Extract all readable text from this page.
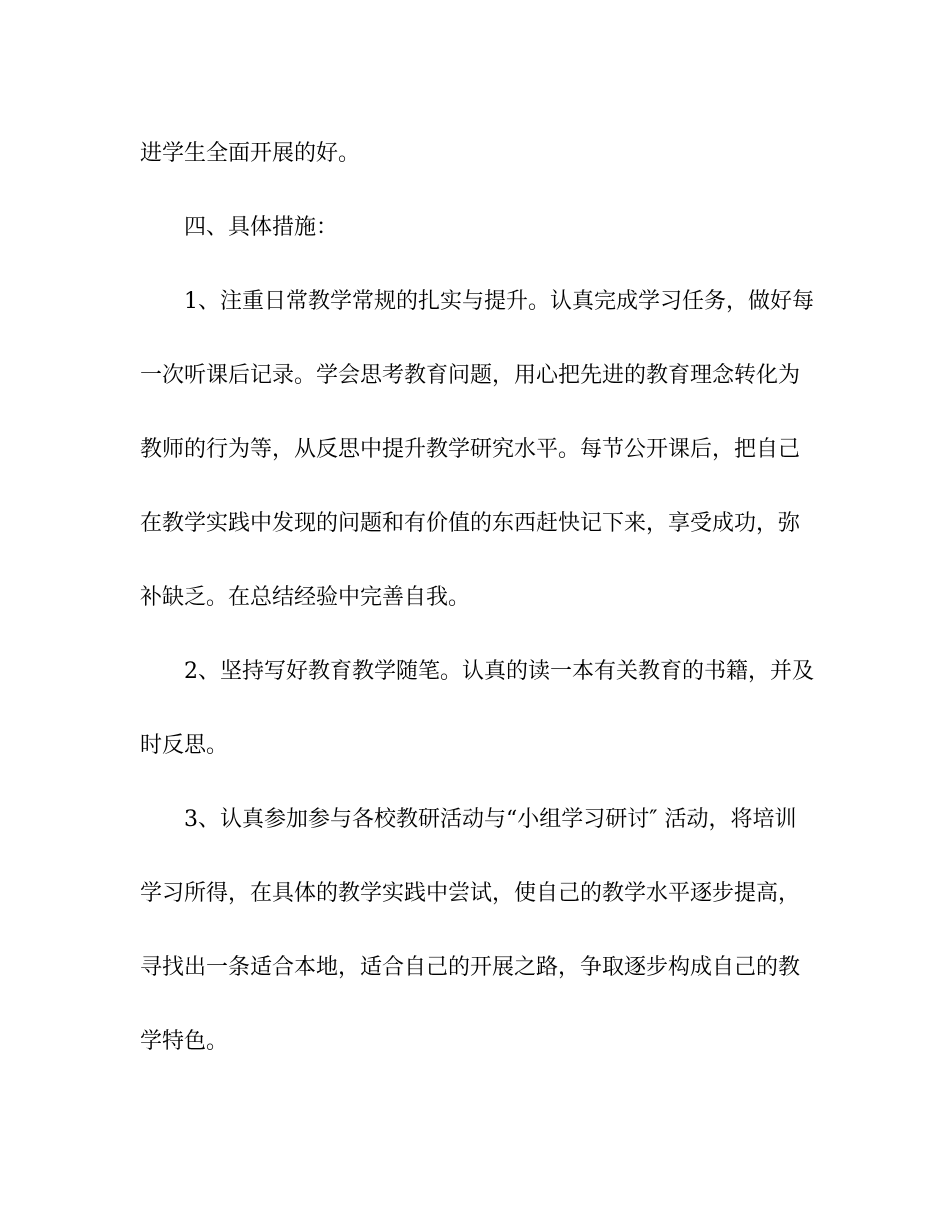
进学生全面开展的好。
四、具体措施：
1、注重日常教学常规的扎实与提升。认真完成学习任务，做好每
一次听课后记录。学会思考教育问题，用心把先进的教育理念转化为
教师的行为等，从反思中提升教学研究水平。每节公开课后，把自己
在教学实践中发现的问题和有价值的东西赶快记下来，享受成功，弥
补缺乏。在总结经验中完善自我。
2、坚持写好教育教学随笔。认真的读一本有关教育的书籍，并及
时反思。
3、认真参加参与各校教研活动与“小组学习研讨″ 活动，将培训
学习所得，在具体的教学实践中尝试，使自己的教学水平逐步提高，
寻找出一条适合本地，适合自己的开展之路，争取逐步构成自己的教
学特色。
